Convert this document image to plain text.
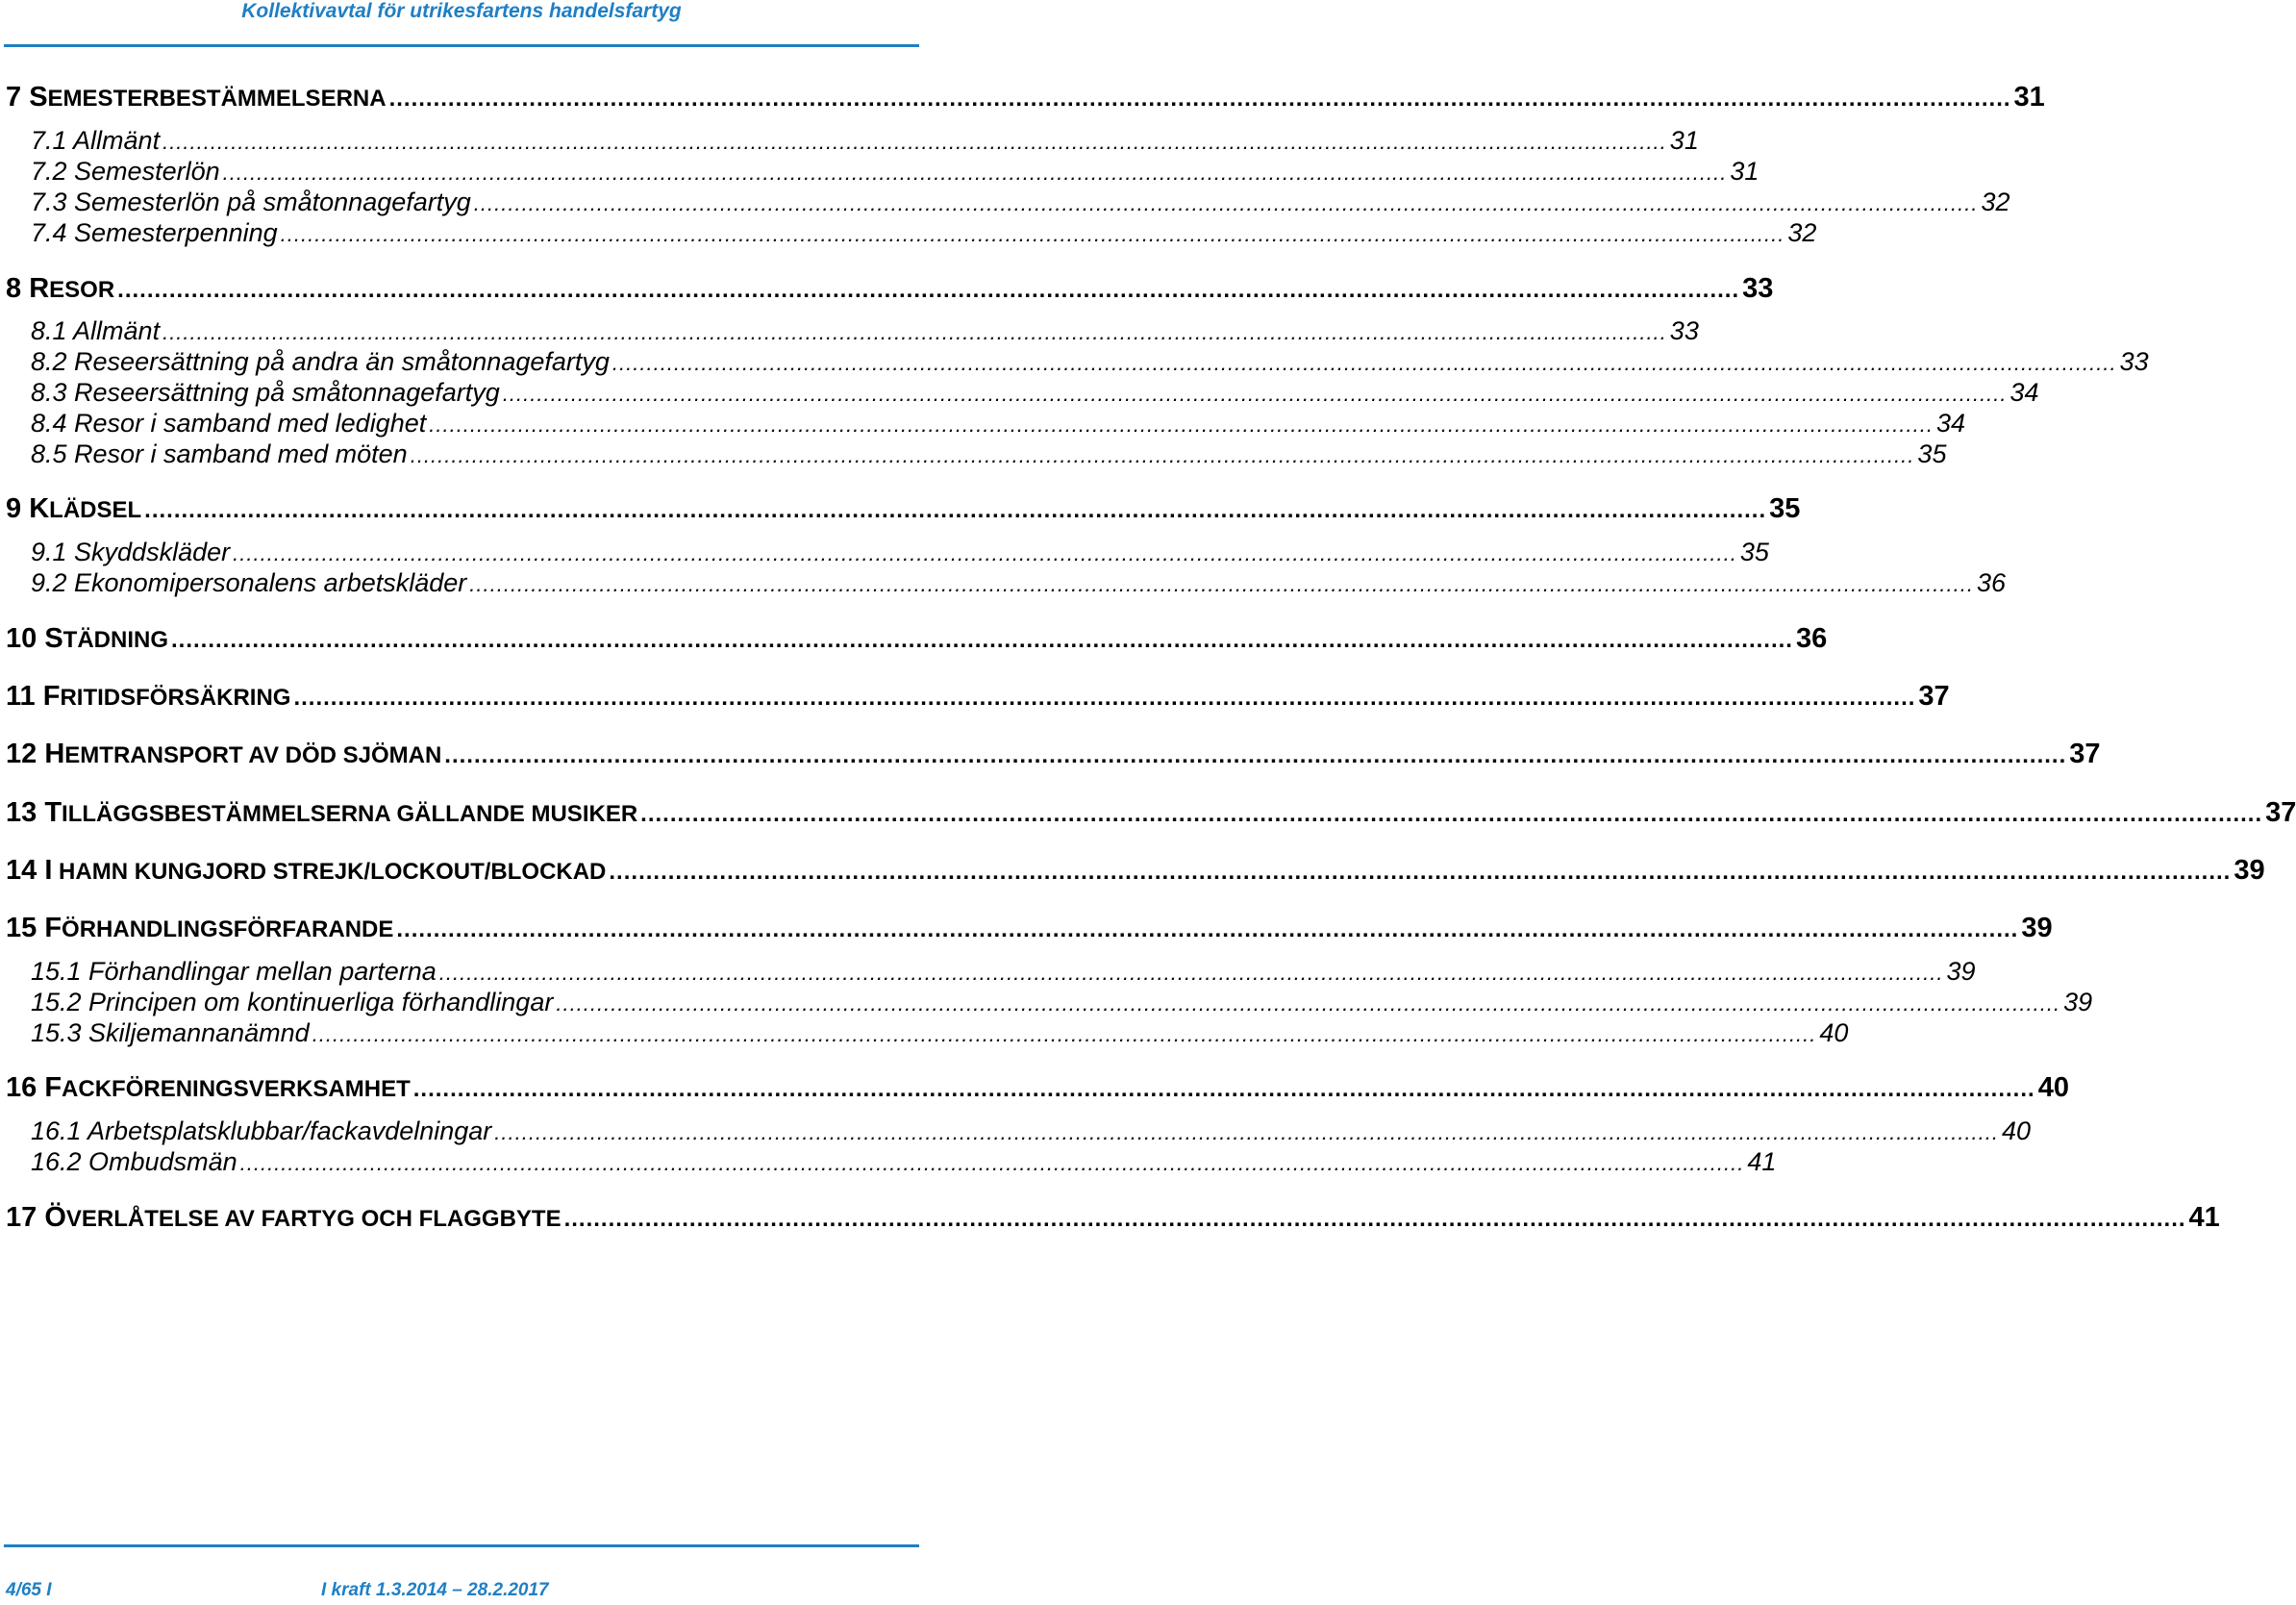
Kollektivavtal för utrikesfartens handelsfartyg
7 SEMESTERBESTÄMMELSERNA ............................................................................................................................................................................................................................ 31
7.1 Allmänt ............................................................................................................................................................................................................................ 31
7.2 Semesterlön ............................................................................................................................................................................................................................ 31
7.3 Semesterlön på småtonnagefartyg ............................................................................................................................................................................................................................ 32
7.4 Semesterpenning ............................................................................................................................................................................................................................ 32
8 RESOR ............................................................................................................................................................................................................................ 33
8.1 Allmänt ............................................................................................................................................................................................................................ 33
8.2 Reseersättning på andra än småtonnagefartyg ............................................................................................................................................................................................................................ 33
8.3 Reseersättning på småtonnagefartyg ............................................................................................................................................................................................................................ 34
8.4 Resor i samband med ledighet ............................................................................................................................................................................................................................ 34
8.5 Resor i samband med möten ............................................................................................................................................................................................................................ 35
9 KLÄDSEL ............................................................................................................................................................................................................................ 35
9.1 Skyddskläder ............................................................................................................................................................................................................................ 35
9.2 Ekonomipersonalens arbetskläder ............................................................................................................................................................................................................................ 36
10 STÄDNING ............................................................................................................................................................................................................................ 36
11 FRITIDSFÖRSÄKRING ............................................................................................................................................................................................................................ 37
12 HEMTRANSPORT AV DÖD SJÖMAN ............................................................................................................................................................................................................................ 37
13 TILLÄGGSBESTÄMMELSERNA GÄLLANDE MUSIKER ............................................................................................................................................................................................................................ 37
14 I HAMN KUNGJORD STREJK/LOCKOUT/BLOCKAD ............................................................................................................................................................................................................................ 39
15 FÖRHANDLINGSFÖRFARANDE ............................................................................................................................................................................................................................ 39
15.1 Förhandlingar mellan parterna ............................................................................................................................................................................................................................ 39
15.2 Principen om kontinuerliga förhandlingar ............................................................................................................................................................................................................................ 39
15.3 Skiljemannanämnd ............................................................................................................................................................................................................................ 40
16 FACKFÖRENINGSVERKSAMHET ............................................................................................................................................................................................................................ 40
16.1 Arbetsplatsklubbar/fackavdelningar ............................................................................................................................................................................................................................ 40
16.2 Ombudsmän ............................................................................................................................................................................................................................ 41
17 ÖVERLÅTELSE AV FARTYG OCH FLAGGBYTE ............................................................................................................................................................................................................................ 41
4/65 I	I kraft 1.3.2014 – 28.2.2017
